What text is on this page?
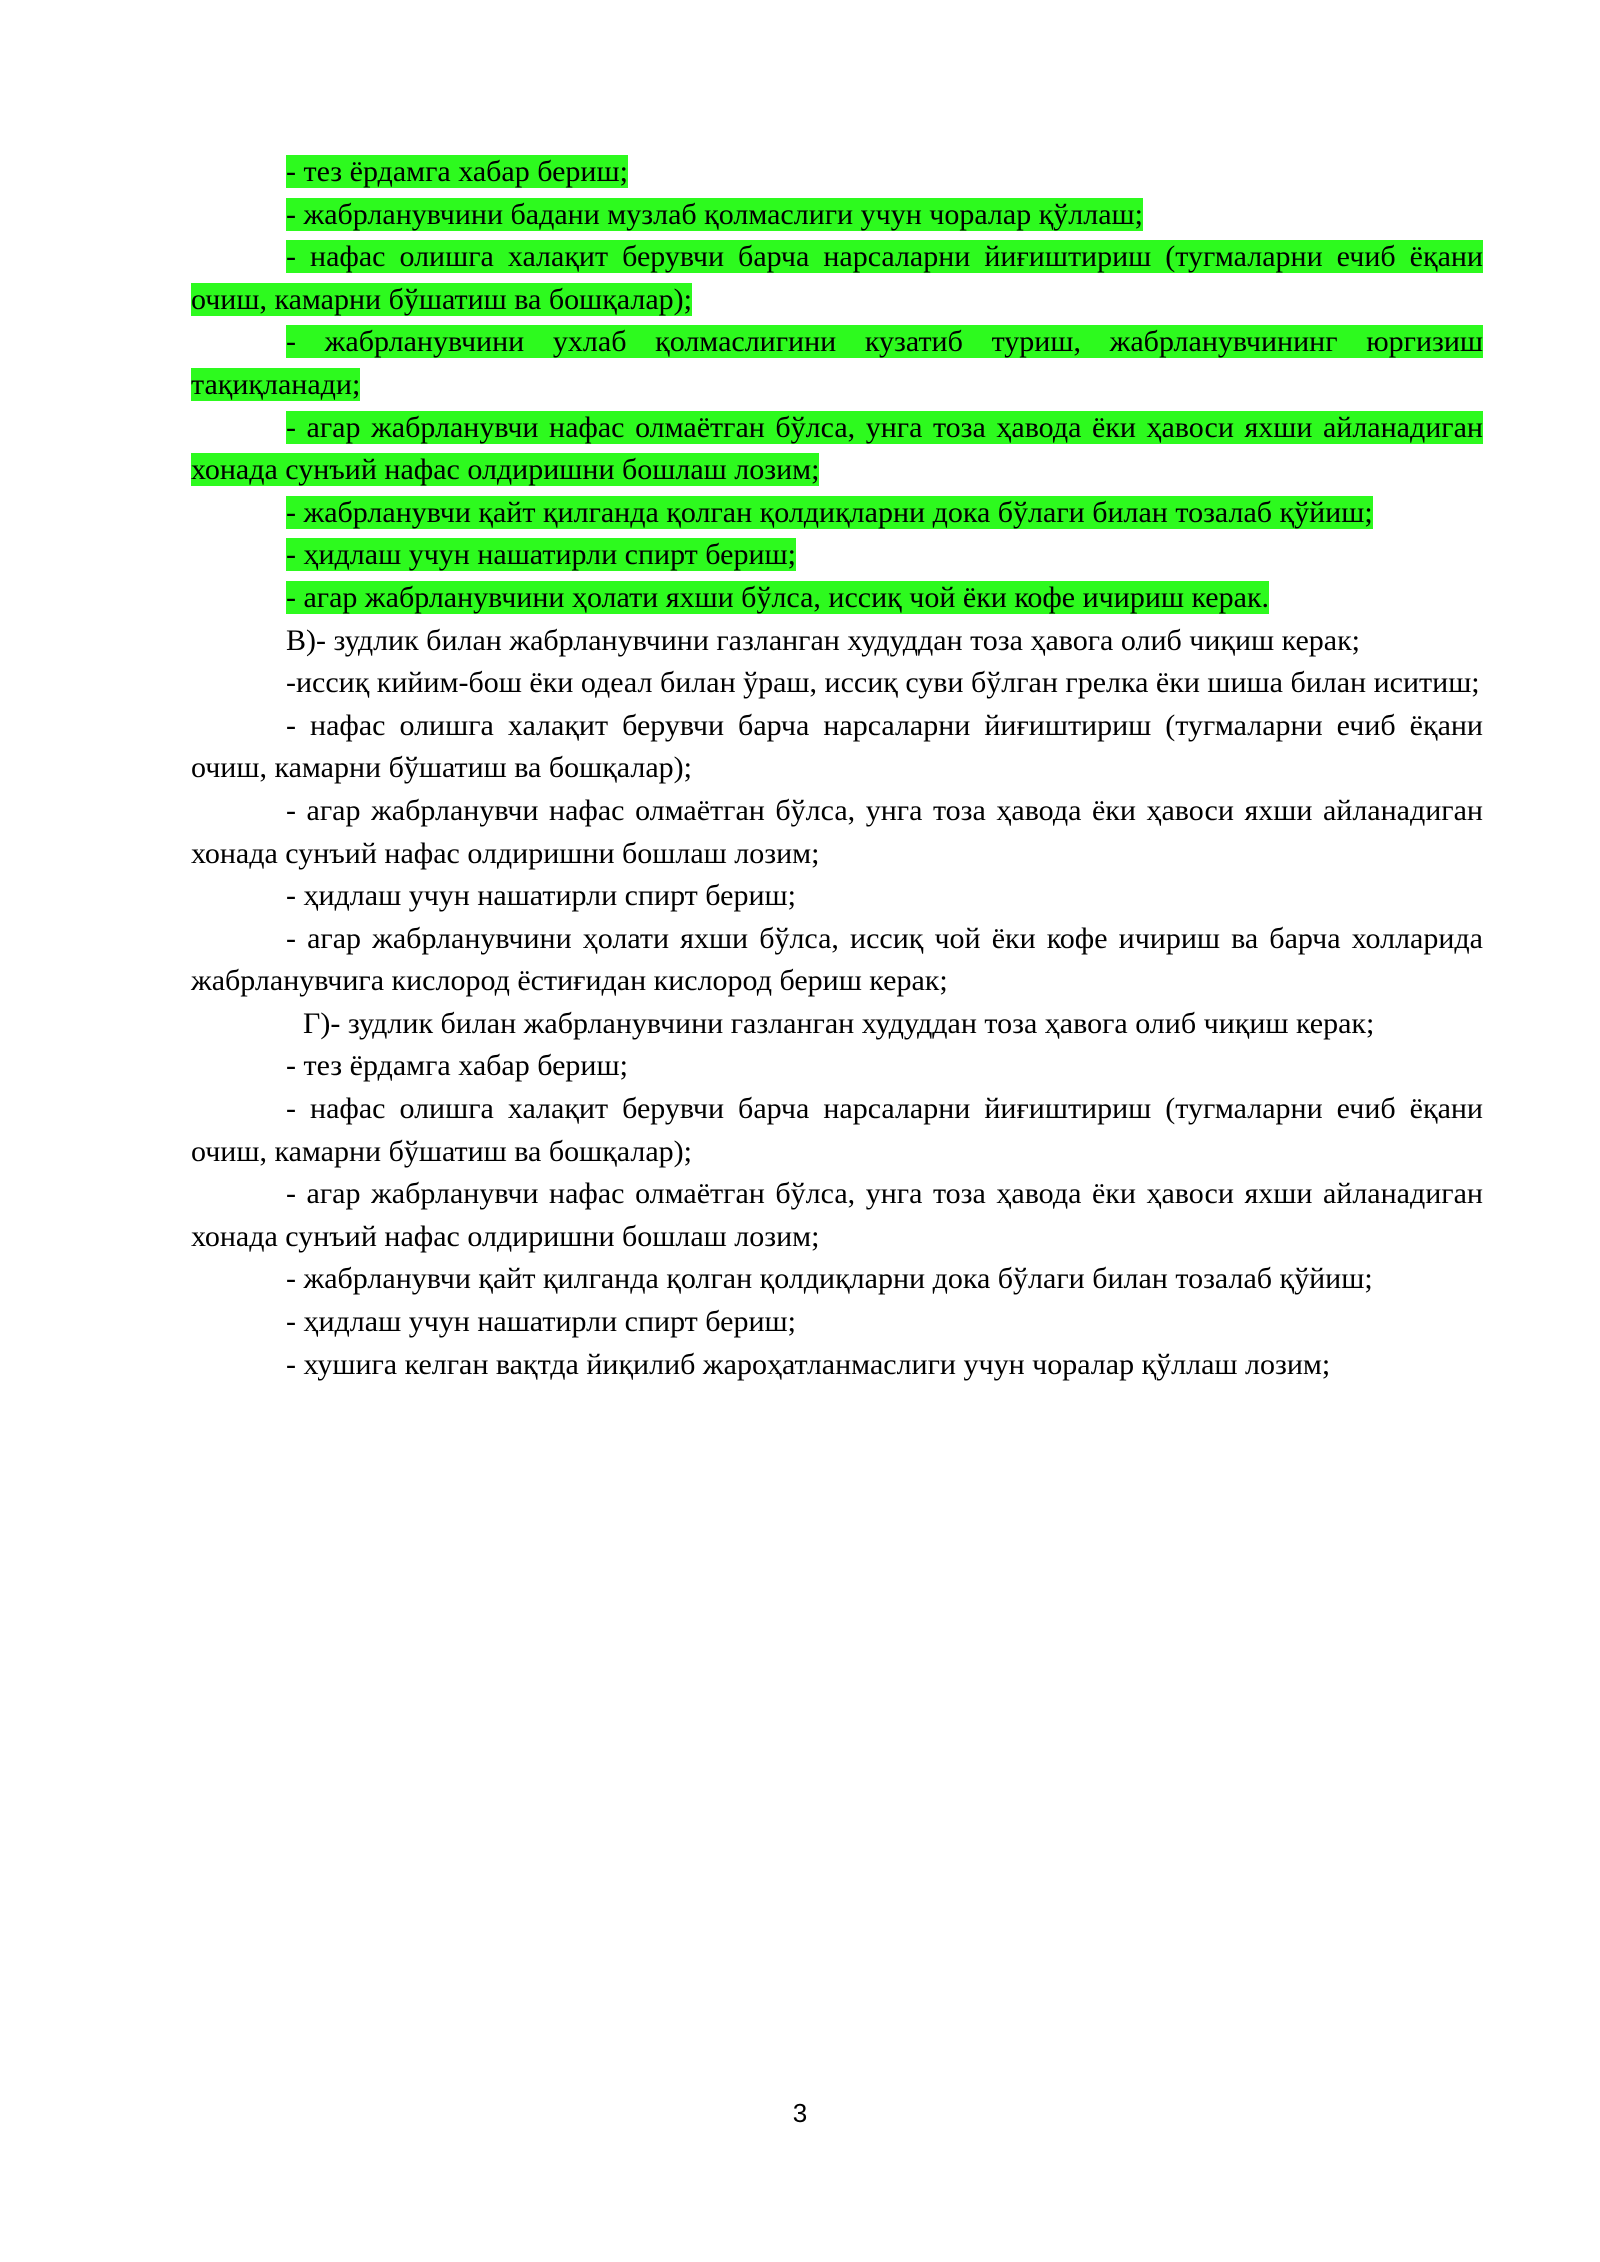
- тез ёрдамга хабар бериш;

- жабрланувчини бадани музлаб қолмаслиги учун чоралар қўллаш;

- нафас олишга халақит берувчи барча нарсаларни йиғиштириш (тугмаларни ечиб ёқани очиш, камарни бўшатиш ва бошқалар);

- жабрланувчини ухлаб қолмаслигини кузатиб туриш, жабрланувчининг юргизиш тақиқланади;

- агар жабрланувчи нафас олмаётган бўлса, унга тоза ҳавода ёки ҳавоси яхши айланадиган хонада сунъий нафас олдиришни бошлаш лозим;

- жабрланувчи қайт қилганда қолган қолдиқларни дока бўлаги билан тозалаб қўйиш;

- ҳидлаш учун нашатирли спирт бериш;

- агар жабрланувчини ҳолати яхши бўлса, иссиқ чой ёки кофе ичириш керак.

В)- зудлик билан жабрланувчини газланган худуддан тоза ҳавога олиб чиқиш керак;

-иссиқ кийим-бош ёки одеал билан ўраш, иссиқ суви бўлган грелка ёки шиша билан иситиш;

- нафас олишга халақит берувчи барча нарсаларни йиғиштириш (тугмаларни ечиб ёқани очиш, камарни бўшатиш ва бошқалар);

- агар жабрланувчи нафас олмаётган бўлса, унга тоза ҳавода ёки ҳавоси яхши айланадиган хонада сунъий нафас олдиришни бошлаш лозим;

- ҳидлаш учун нашатирли спирт бериш;

- агар жабрланувчини ҳолати яхши бўлса, иссиқ чой ёки кофе ичириш ва барча холларида жабрланувчига кислород ёстиғидан кислород бериш керак;

Г)- зудлик билан жабрланувчини газланган худуддан тоза ҳавога олиб чиқиш керак;

- тез ёрдамга хабар бериш;

- нафас олишга халақит берувчи барча нарсаларни йиғиштириш (тугмаларни ечиб ёқани очиш, камарни бўшатиш ва бошқалар);

- агар жабрланувчи нафас олмаётган бўлса, унга тоза ҳавода ёки ҳавоси яхши айланадиган хонада сунъий нафас олдиришни бошлаш лозим;

- жабрланувчи қайт қилганда қолган қолдиқларни дока бўлаги билан тозалаб қўйиш;

- ҳидлаш учун нашатирли спирт бериш;

- хушига келган вақтда йиқилиб жароҳатланмаслиги учун чоралар қўллаш лозим;

3
